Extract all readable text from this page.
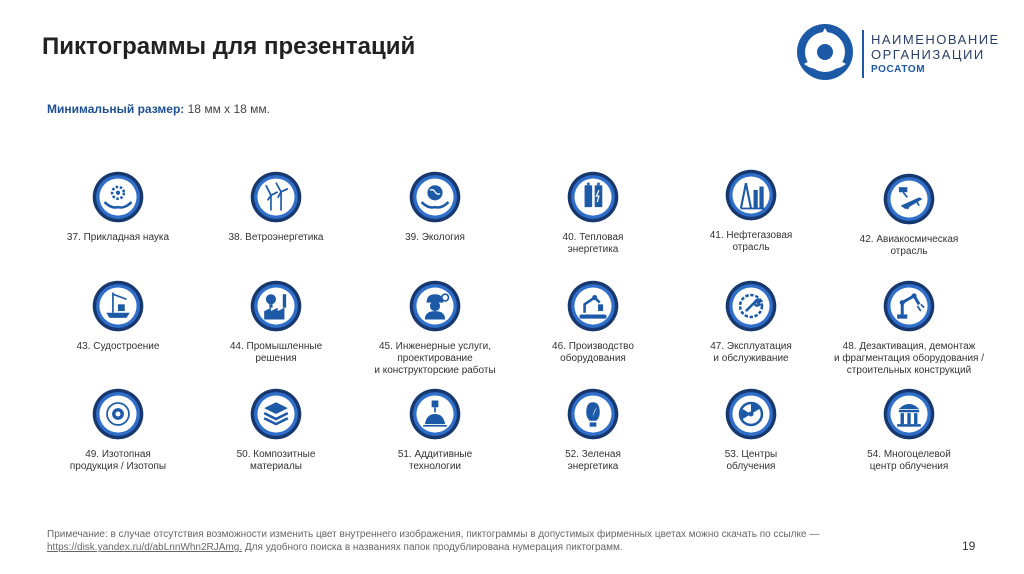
Пиктограммы для презентаций	НАИМЕНОВАНИЕ
ОРГАНИЗАЦИИ
РОСАТОМ
Минимальный размер: 18 мм х 18 мм.
37. Прикладная наука	38. Ветроэнергетика	39. Экология	40. Тепловая
энергетика
41. Нефтегазовая
отрасль
42. Авиакосмическая
отрасль
43. Судостроение	44. Промышленные
решения
45. Инженерные услуги,
проектирование
и конструкторские работы
46. Производство
оборудования
47. Эксплуатация
и обслуживание
48. Дезактивация, демонтаж
и фрагментация оборудования /
строительных конструкций
49. Изотопная
продукция / Изотопы
50. Композитные
материалы
51. Аддитивные
технологии
52. Зеленая
энергетика
53. Центры
облучения
54. Многоцелевой
центр облучения
Примечание: в случае отсутствия возможности изменить цвет внутреннего изображения, пиктограммы в допустимых фирменных цветах можно скачать по ссылке —
https://disk.yandex.ru/d/abLnnWhn2RJAmg. Для удобного поиска в названиях папок продублирована нумерация пиктограмм.	19
